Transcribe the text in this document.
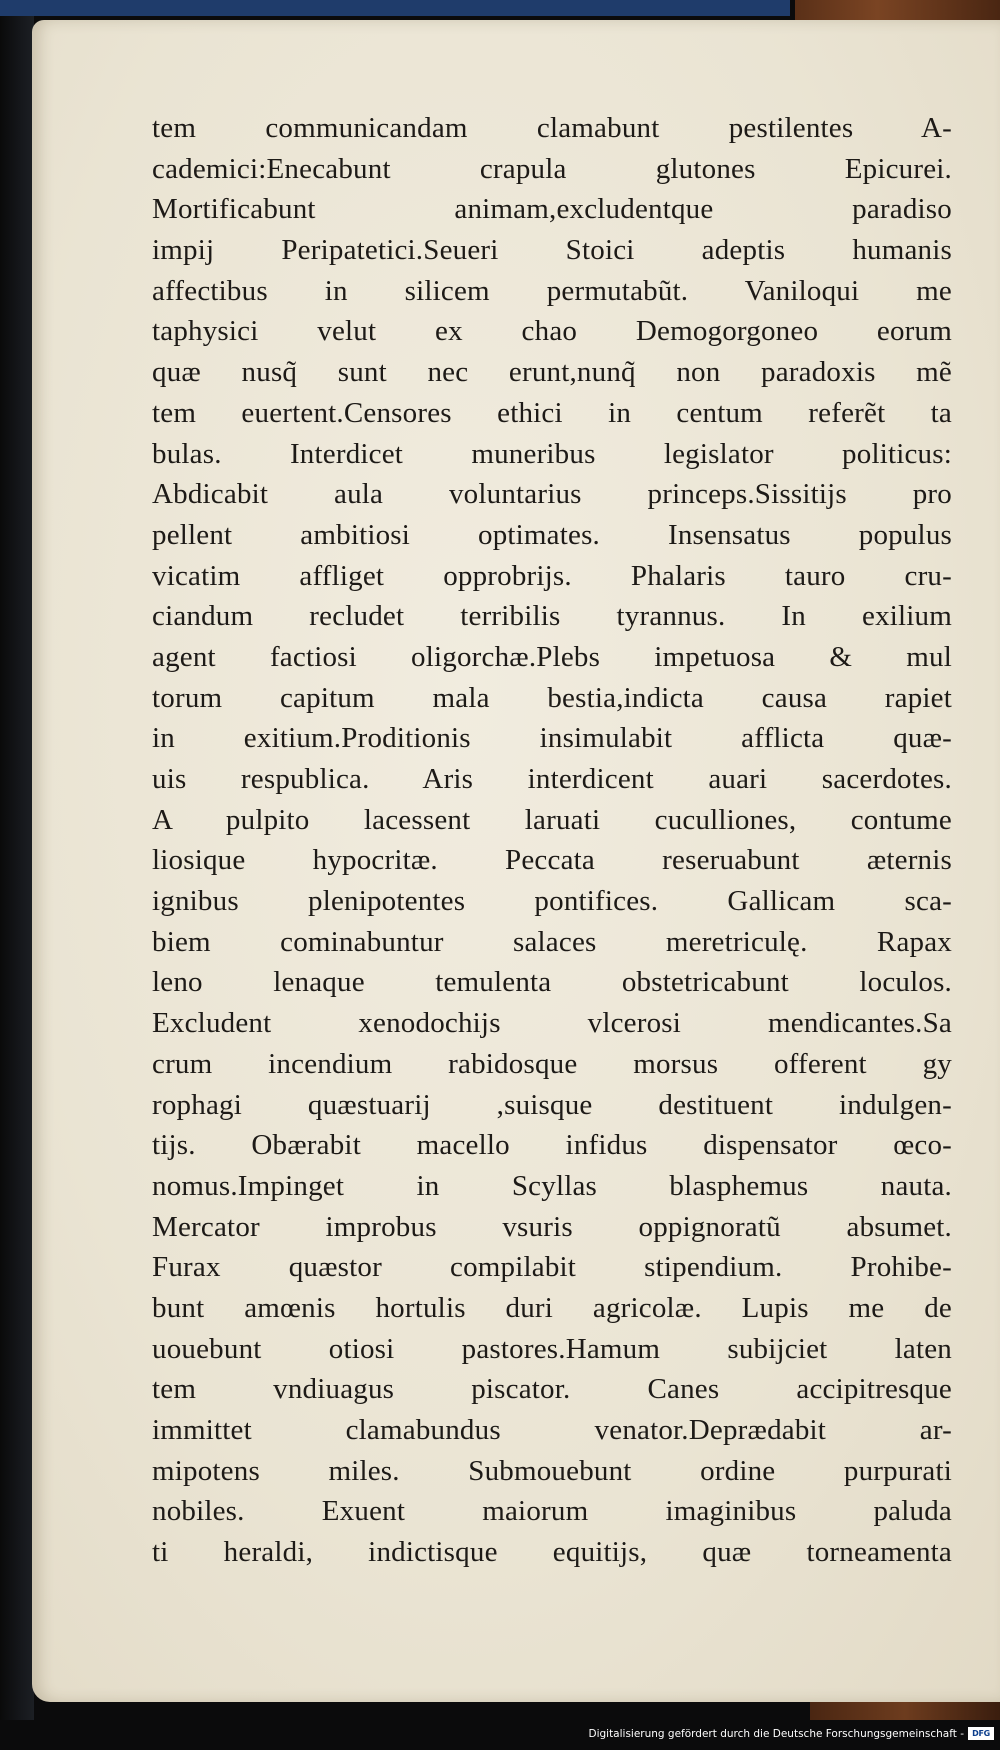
tem communicandam clamabunt pestilentes A-
cademici:Enecabunt crapula glutones Epicurei.
Mortificabunt animam,excludentque paradiso
impij Peripatetici.Seueri Stoici adeptis humanis
affectibus in silicem permutabũt. Vaniloqui me
taphysici velut ex chao Demogorgoneo eorum
quæ nusq̃ sunt nec erunt,nunq̃ non paradoxis mẽ
tem euertent.Censores ethici in centum referẽt ta
bulas. Interdicet muneribus legislator politicus:
Abdicabit aula voluntarius princeps.Sissitijs pro
pellent ambitiosi optimates. Insensatus populus
vicatim affliget opprobrijs. Phalaris tauro cru-
ciandum recludet terribilis tyrannus. In exilium
agent factiosi oligorchæ.Plebs impetuosa & mul
torum capitum mala bestia,indicta causa rapiet
in exitium.Proditionis insimulabit afflicta quæ-
uis respublica. Aris interdicent auari sacerdotes.
A pulpito lacessent laruati cuculliones, contume
liosique hypocritæ. Peccata reseruabunt æternis
ignibus plenipotentes pontifices. Gallicam sca-
biem cominabuntur salaces meretriculę. Rapax
leno lenaque temulenta obstetricabunt loculos.
Excludent xenodochijs vlcerosi mendicantes.Sa
crum incendium rabidosque morsus offerent gy
rophagi quæstuarij ,suisque destituent indulgen-
tijs. Obærabit macello infidus dispensator œco-
nomus.Impinget in Scyllas blasphemus nauta.
Mercator improbus vsuris oppignoratũ absumet.
Furax quæstor compilabit stipendium. Prohibe-
bunt amœnis hortulis duri agricolæ. Lupis me de
uouebunt otiosi pastores.Hamum subijciet laten
tem vndiuagus piscator. Canes accipitresque
immittet clamabundus venator.Deprædabit ar-
mipotens miles. Submouebunt ordine purpurati
nobiles. Exuent maiorum imaginibus paluda
ti heraldi, indictisque equitijs, quæ torneamenta
Digitalisierung gefördert durch die Deutsche Forschungsgemeinschaft -	DFG
